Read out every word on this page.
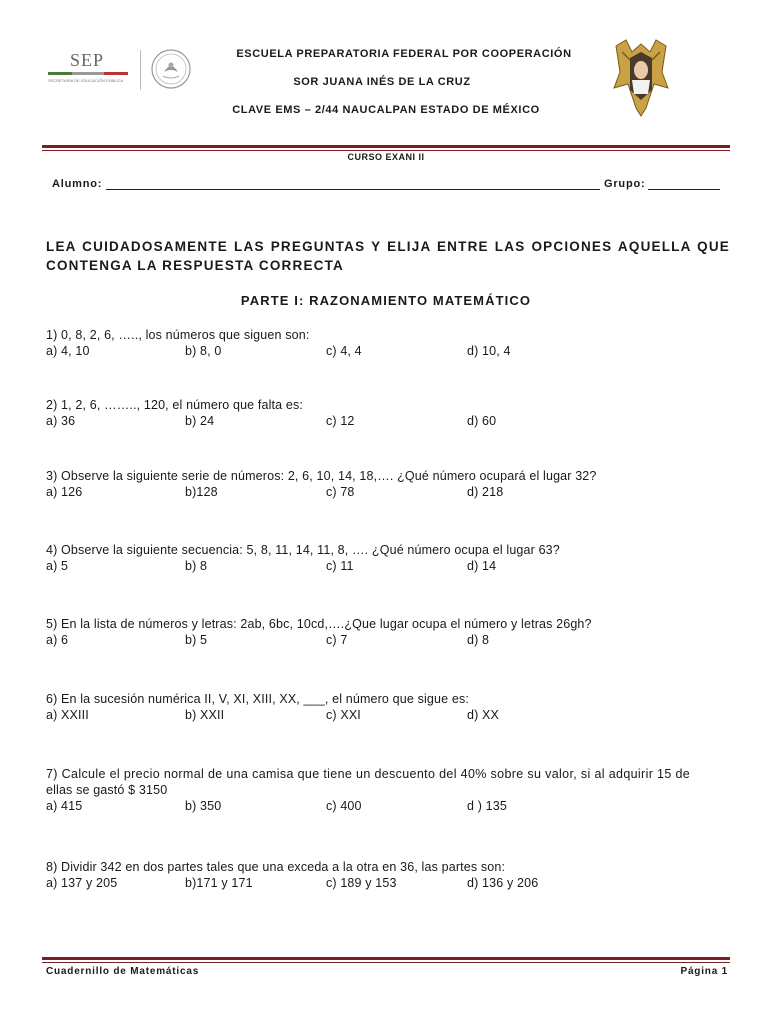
SEP
SECRETARÍA DE EDUCACIÓN PÚBLICA
ESCUELA PREPARATORIA FEDERAL POR COOPERACIÓN
SOR JUANA INÉS DE LA CRUZ
CLAVE EMS – 2/44 NAUCALPAN ESTADO DE MÉXICO
CURSO EXANI II
Alumno:	Grupo:
LEA CUIDADOSAMENTE LAS PREGUNTAS Y ELIJA ENTRE LAS OPCIONES AQUELLA QUE
CONTENGA LA RESPUESTA CORRECTA
PARTE I: RAZONAMIENTO MATEMÁTICO
1) 0, 8, 2, 6, ….., los números que siguen son:
a) 4, 10	b) 8, 0	c) 4, 4	d) 10, 4
2) 1, 2, 6, …….., 120, el número que falta es:
a) 36	b) 24	c) 12	d) 60
3) Observe la siguiente serie de números: 2, 6, 10, 14, 18,…. ¿Qué número ocupará el lugar 32?
a) 126	b)128	c) 78	d) 218
4) Observe la siguiente secuencia: 5, 8, 11, 14, 11, 8, …. ¿Qué número ocupa el lugar 63?
a) 5	b) 8	c) 11	d) 14
5) En la lista de números y letras: 2ab, 6bc, 10cd,….¿Que lugar ocupa el número y letras 26gh?
a) 6	b) 5	c) 7	d) 8
6) En la sucesión numérica II, V, XI, XIII, XX, ___, el número que sigue es:
a) XXIII	b) XXII	c) XXI	d) XX
7) Calcule el precio normal de una camisa que tiene un descuento del 40% sobre su valor, si al adquirir 15 de
ellas se gastó $ 3150
a) 415	b) 350	c) 400	d ) 135
8) Dividir 342 en dos partes tales que una exceda a la otra en 36, las partes son:
a) 137 y 205	b)171 y 171	c) 189 y 153	d) 136 y 206
Cuadernillo de Matemáticas	Página 1
